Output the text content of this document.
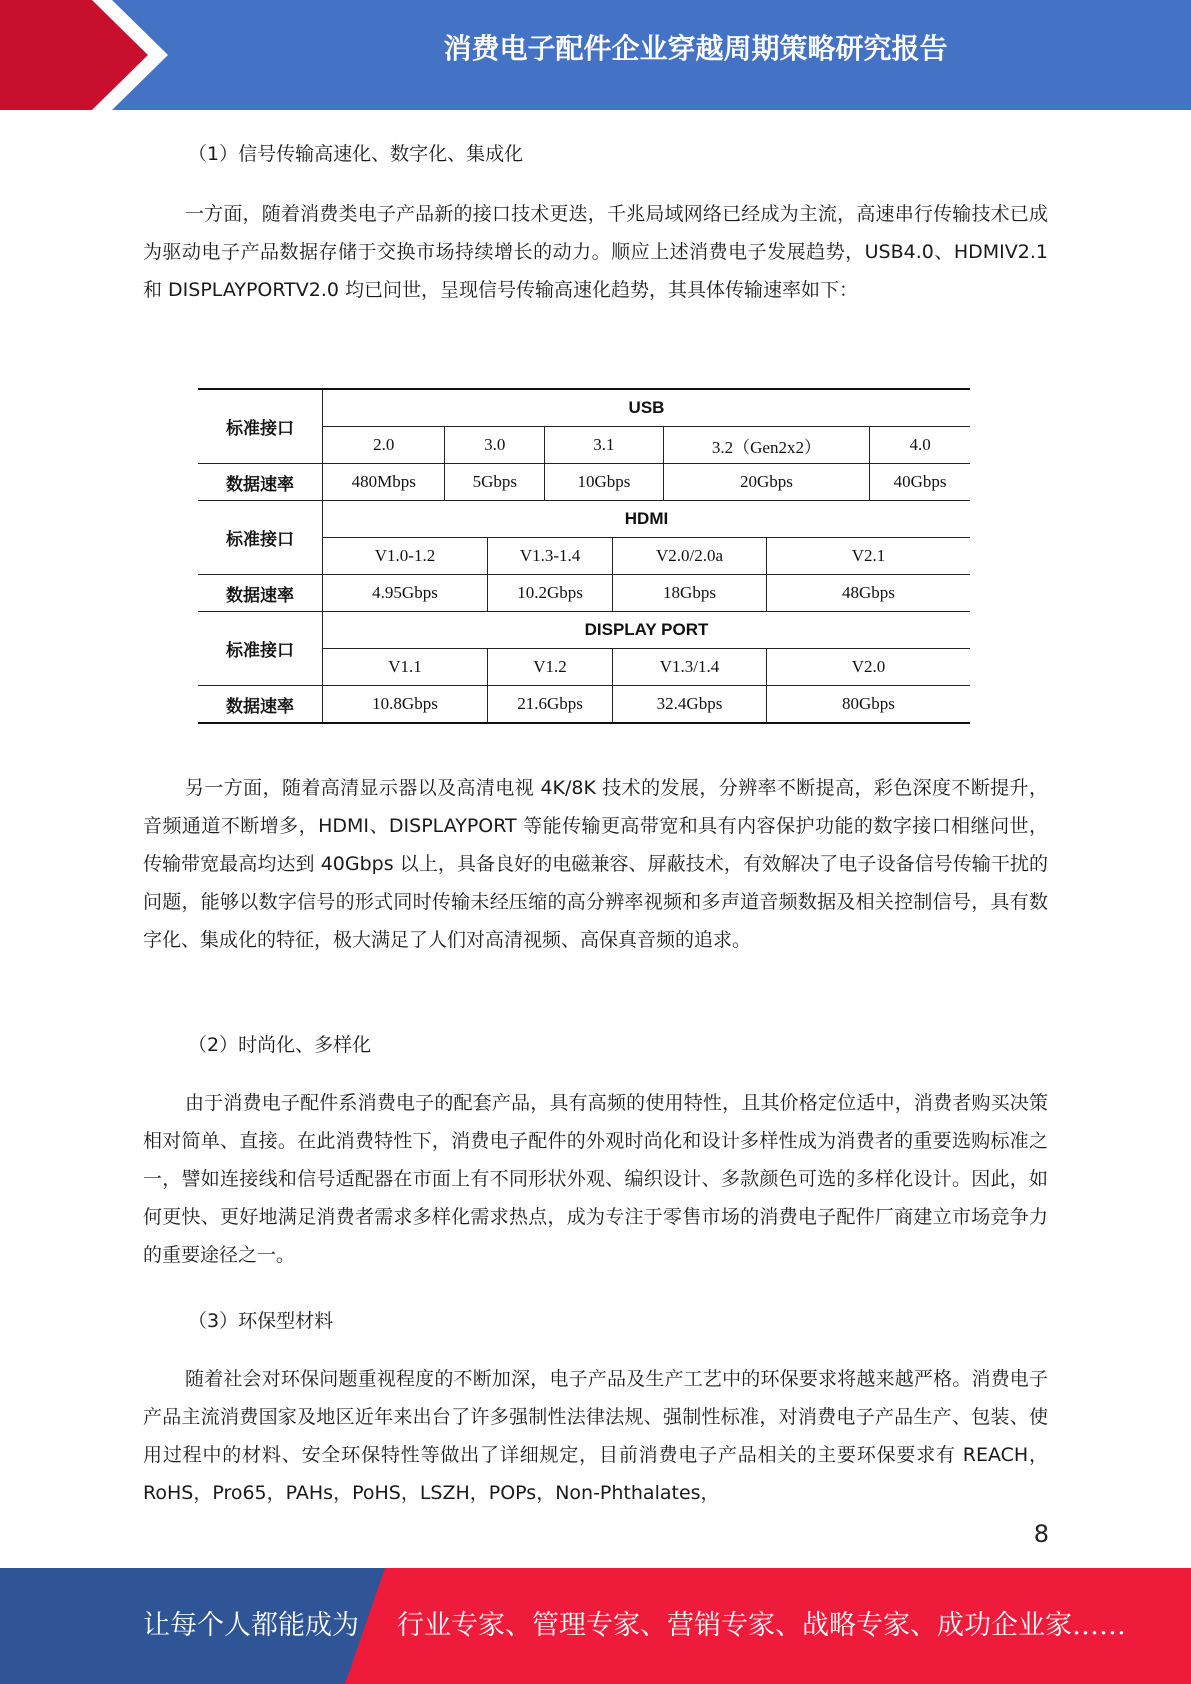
消费电子配件企业穿越周期策略研究报告
（1）信号传输高速化、数字化、集成化

一方面，随着消费类电子产品新的接口技术更迭，千兆局域网络已经成为主流，高速串行传输技术已成为驱动电子产品数据存储于交换市场持续增长的动力。顺应上述消费电子发展趋势，USB4.0、HDMIV2.1 和 DISPLAYPORTV2.0 均已问世，呈现信号传输高速化趋势，其具体传输速率如下：

标准接口	USB							
	2.0	3.0		3.1		3.2（Gen2x2）		4.0
数据速率	480Mbps	5Gbps		10Gbps		20Gbps		40Gbps
标准接口	HDMI							
	V1.0-1.2		V1.3-1.4		V2.0/2.0a		V2.1	
数据速率	4.95Gbps		10.2Gbps		18Gbps		48Gbps	
标准接口	DISPLAY PORT							
	V1.1		V1.2		V1.3/1.4		V2.0	
数据速率	10.8Gbps		21.6Gbps		32.4Gbps		80Gbps	

另一方面，随着高清显示器以及高清电视 4K/8K 技术的发展，分辨率不断提高，彩色深度不断提升，音频通道不断增多，HDMI、DISPLAYPORT 等能传输更高带宽和具有内容保护功能的数字接口相继问世，传输带宽最高均达到 40Gbps 以上，具备良好的电磁兼容、屏蔽技术，有效解决了电子设备信号传输干扰的问题，能够以数字信号的形式同时传输未经压缩的高分辨率视频和多声道音频数据及相关控制信号，具有数字化、集成化的特征，极大满足了人们对高清视频、高保真音频的追求。

（2）时尚化、多样化

由于消费电子配件系消费电子的配套产品，具有高频的使用特性，且其价格定位适中，消费者购买决策相对简单、直接。在此消费特性下，消费电子配件的外观时尚化和设计多样性成为消费者的重要选购标准之一，譬如连接线和信号适配器在市面上有不同形状外观、编织设计、多款颜色可选的多样化设计。因此，如何更快、更好地满足消费者需求多样化需求热点，成为专注于零售市场的消费电子配件厂商建立市场竞争力的重要途径之一。

（3）环保型材料

随着社会对环保问题重视程度的不断加深，电子产品及生产工艺中的环保要求将越来越严格。消费电子产品主流消费国家及地区近年来出台了许多强制性法律法规、强制性标准，对消费电子产品生产、包装、使用过程中的材料、安全环保特性等做出了详细规定，目前消费电子产品相关的主要环保要求有 REACH，RoHS，Pro65，PAHs，PoHS，LSZH，POPs，Non-Phthalates，

8
让每个人都能成为 行业专家、管理专家、营销专家、战略专家、成功企业家……
